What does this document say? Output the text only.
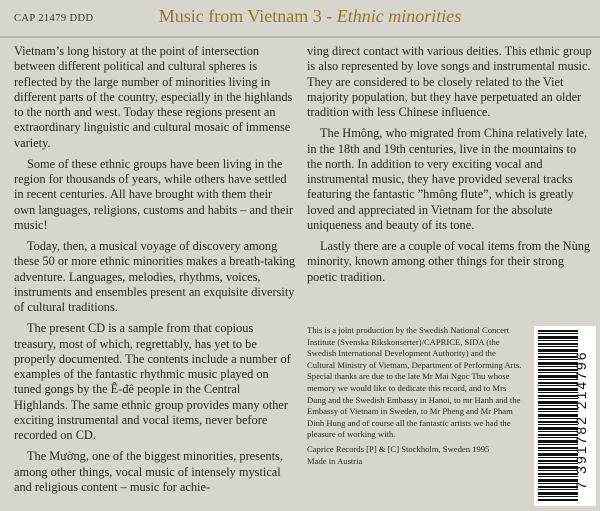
CAP 21479 DDD	Music from Vietnam 3 - Ethnic minorities

Vietnam’s long history at the point of intersection between different political and cultural spheres is reflected by the large number of minorities living in different parts of the country, especially in the highlands to the north and west. Today these regions present an extraordinary linguistic and cultural mosaic of immense variety.

Some of these ethnic groups have been living in the region for thousands of years, while others have settled in recent centuries. All have brought with them their own languages, religions, customs and habits – and their music!

Today, then, a musical voyage of discovery among these 50 or more ethnic minorities makes a breath-taking adventure. Languages, melodies, rhythms, voices, instruments and ensembles present an exquisite diversity of cultural traditions.

The present CD is a sample from that copious treasury, most of which, regrettably, has yet to be properly documented. The contents include a number of examples of the fantastic rhythmic music played on tuned gongs by the Ê-đê people in the Central Highlands. The same ethnic group provides many other exciting instrumental and vocal items, never before recorded on CD.

The Mường, one of the biggest minorities, presents, among other things, vocal music of intensely mystical and religious content – music for achie-

ving direct contact with various deities. This ethnic group is also represented by love songs and instrumental music. They are considered to be closely related to the Viet majority population, but they have perpetuated an older tradition with less Chinese influence.

The Hmông, who migrated from China relatively late, in the 18th and 19th centuries, live in the mountains to the north. In addition to very exciting vocal and instrumental music, they have provided several tracks featuring the fantastic ”hmông flute”, which is greatly loved and appreciated in Vietnam for the absolute uniqueness and beauty of its tone.

Lastly there are a couple of vocal items from the Nùng minority, known among other things for their strong poetic tradition.

This is a joint production by the Swedish National Concert Institute (Svenska Rikskonserter)/CAPRICE, SIDA (the Swedish International Development Authority) and the Cultural Ministry of Vietnam, Department of Performing Arts. Special thanks are due to the late Mr Mai Ngoc Thu whose memory we would like to dedicate this record, and to Mrs Dung and the Swedish Embassy in Hanoi, to mr Hanh and the Embassy of Vietnam in Sweden, to Mr Pheng and Mr Pham Dinh Hung and of course all the fantastic artists we had the pleasure of working with.

Caprice Records [P] & [C] Stockholm, Sweden 1995

Made in Austria	7 391782 214796
